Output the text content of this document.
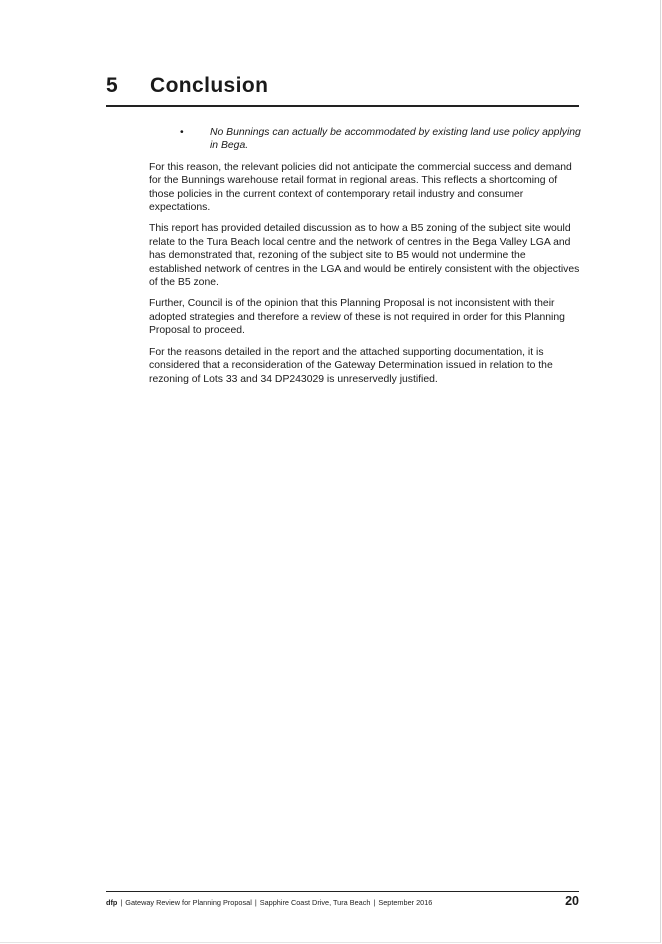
5 Conclusion
•	No Bunnings can actually be accommodated by existing land use policy applying in Bega.

For this reason, the relevant policies did not anticipate the commercial success and demand for the Bunnings warehouse retail format in regional areas. This reflects a shortcoming of those policies in the current context of contemporary retail industry and consumer expectations.

This report has provided detailed discussion as to how a B5 zoning of the subject site would relate to the Tura Beach local centre and the network of centres in the Bega Valley LGA and has demonstrated that, rezoning of the subject site to B5 would not undermine the established network of centres in the LGA and would be entirely consistent with the objectives of the B5 zone.

Further, Council is of the opinion that this Planning Proposal is not inconsistent with their adopted strategies and therefore a review of these is not required in order for this Planning Proposal to proceed.

For the reasons detailed in the report and the attached supporting documentation, it is considered that a reconsideration of the Gateway Determination issued in relation to the rezoning of Lots 33 and 34 DP243029 is unreservedly justified.

dfp | Gateway Review for Planning Proposal | Sapphire Coast Drive, Tura Beach | September 2016	20
